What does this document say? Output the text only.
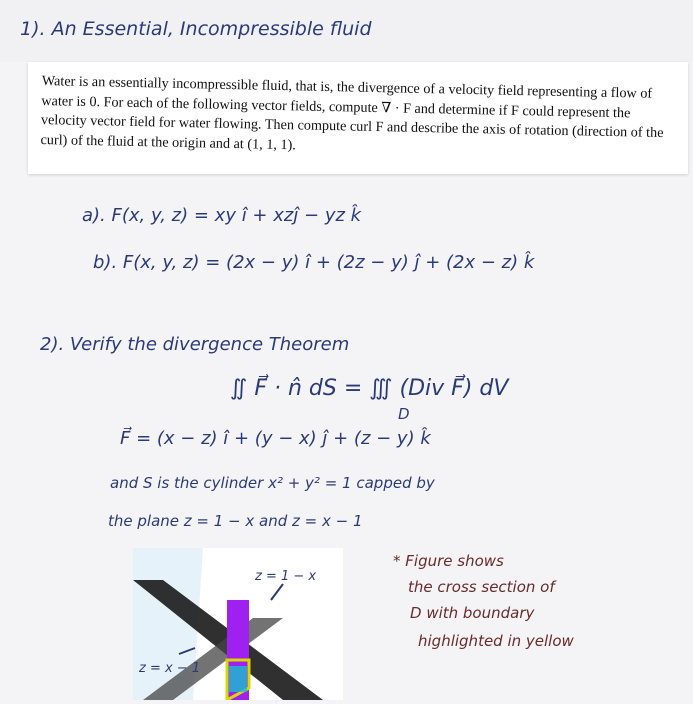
1). An Essential, Incompressible fluid
Water is an essentially incompressible fluid, that is, the divergence of a velocity field representing a flow of water is 0. For each of the following vector fields, compute ∇ · F and determine if F could represent the velocity vector field for water flowing. Then compute curl F and describe the axis of rotation (direction of the curl) of the fluid at the origin and at (1, 1, 1).
a). F(x, y, z) = xy î + xzĵ − yz k̂
b). F(x, y, z) = (2x − y) î + (2z − y) ĵ + (2x − z) k̂
2). Verify the divergence Theorem
∬ F⃗ · n̂ dS = ∭ (Div F⃗) dV
D
F⃗ = (x − z) î + (y − x) ĵ + (z − y) k̂
and S is the cylinder x² + y² = 1 capped by
the plane z = 1 − x and z = x − 1
* Figure shows
the cross section of
D with boundary
highlighted in yellow
z = 1 − x
z = x − 1
